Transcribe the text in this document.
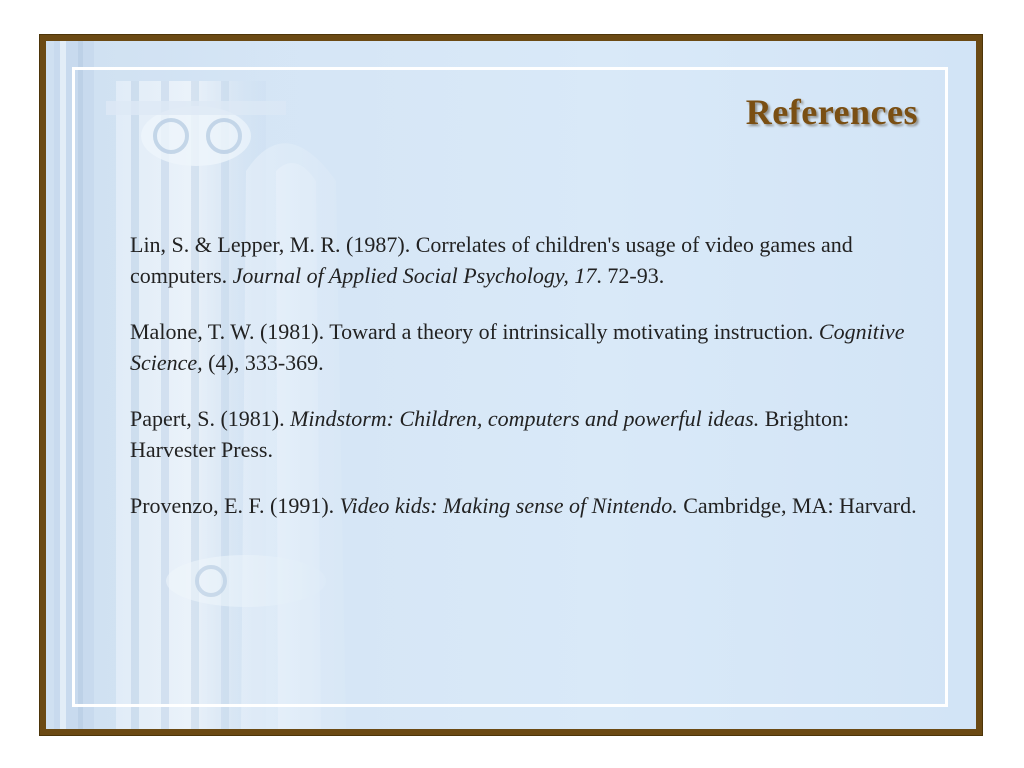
References
Lin, S. & Lepper, M. R. (1987). Correlates of children's usage of video games and computers. Journal of Applied Social Psychology, 17. 72-93.
Malone, T. W. (1981). Toward a theory of intrinsically motivating instruction. Cognitive Science, (4), 333-369.
Papert, S. (1981). Mindstorm: Children, computers and powerful ideas. Brighton: Harvester Press.
Provenzo, E. F. (1991). Video kids: Making sense of Nintendo. Cambridge, MA: Harvard.
